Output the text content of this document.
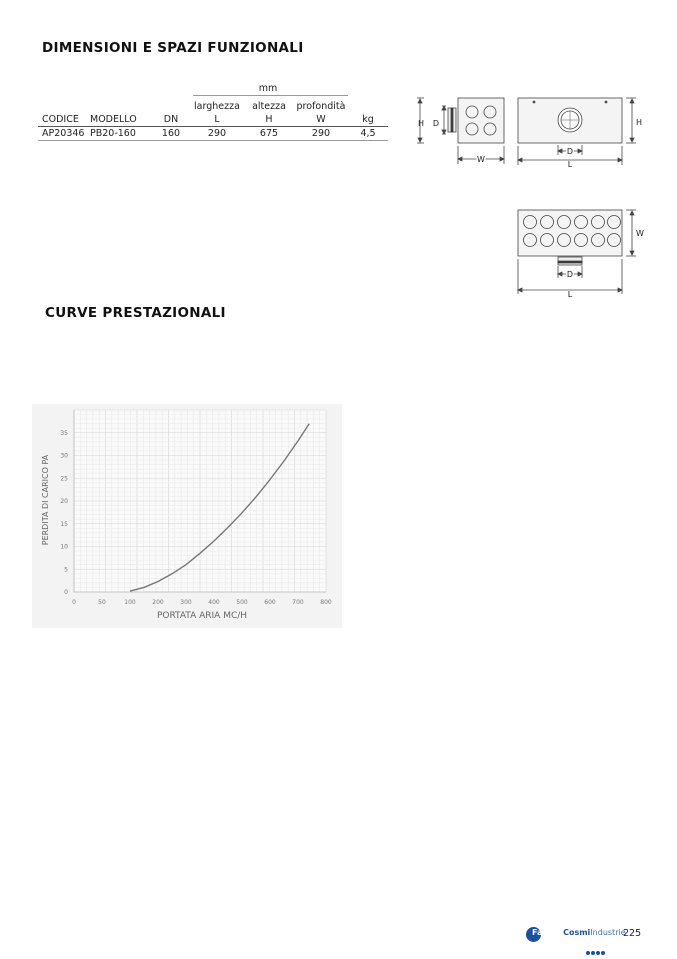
DIMENSIONI E SPAZI FUNZIONALI
CURVE PRESTAZIONALI
mm
larghezza	altezza	profondità
CODICE MODELLO	DN	L	H	W	kg
AP20346 PB20-160	160	290	675	290	4,5
H D
W
H
D
L
W
D
L
0	50	100	200	300	400	500	600	700	800
0
5
10
15
20
25
30
35
PORTATA ARIA MC/H
PERDITA DI CARICO PA
FantiniCosmiIndustrie
225
